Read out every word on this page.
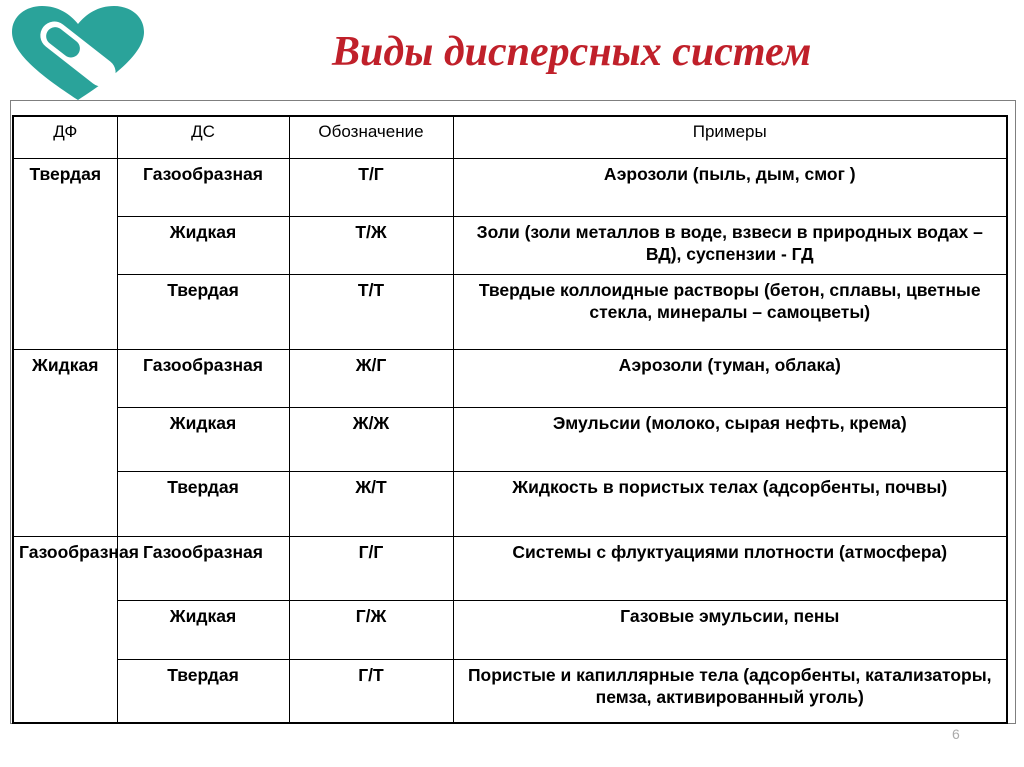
Виды дисперсных систем
ДФ	ДС	Обозначение	Примеры
Твердая	Газообразная	Т/Г	Аэрозоли (пыль, дым, смог )
	Жидкая	Т/Ж	Золи (золи металлов в воде, взвеси в природных водах – ВД), суспензии - ГД
	Твердая	Т/Т	Твердые коллоидные растворы (бетон, сплавы, цветные стекла, минералы – самоцветы)
Жидкая	Газообразная	Ж/Г	Аэрозоли (туман, облака)
	Жидкая	Ж/Ж	Эмульсии (молоко, сырая нефть, крема)
	Твердая	Ж/Т	Жидкость в пористых телах (адсорбенты, почвы)
Газообразная	Газообразная	Г/Г	Системы с флуктуациями плотности (атмосфера)
	Жидкая	Г/Ж	Газовые эмульсии, пены
	Твердая	Г/Т	Пористые и капиллярные тела (адсорбенты, катализаторы, пемза, активированный уголь)
6
